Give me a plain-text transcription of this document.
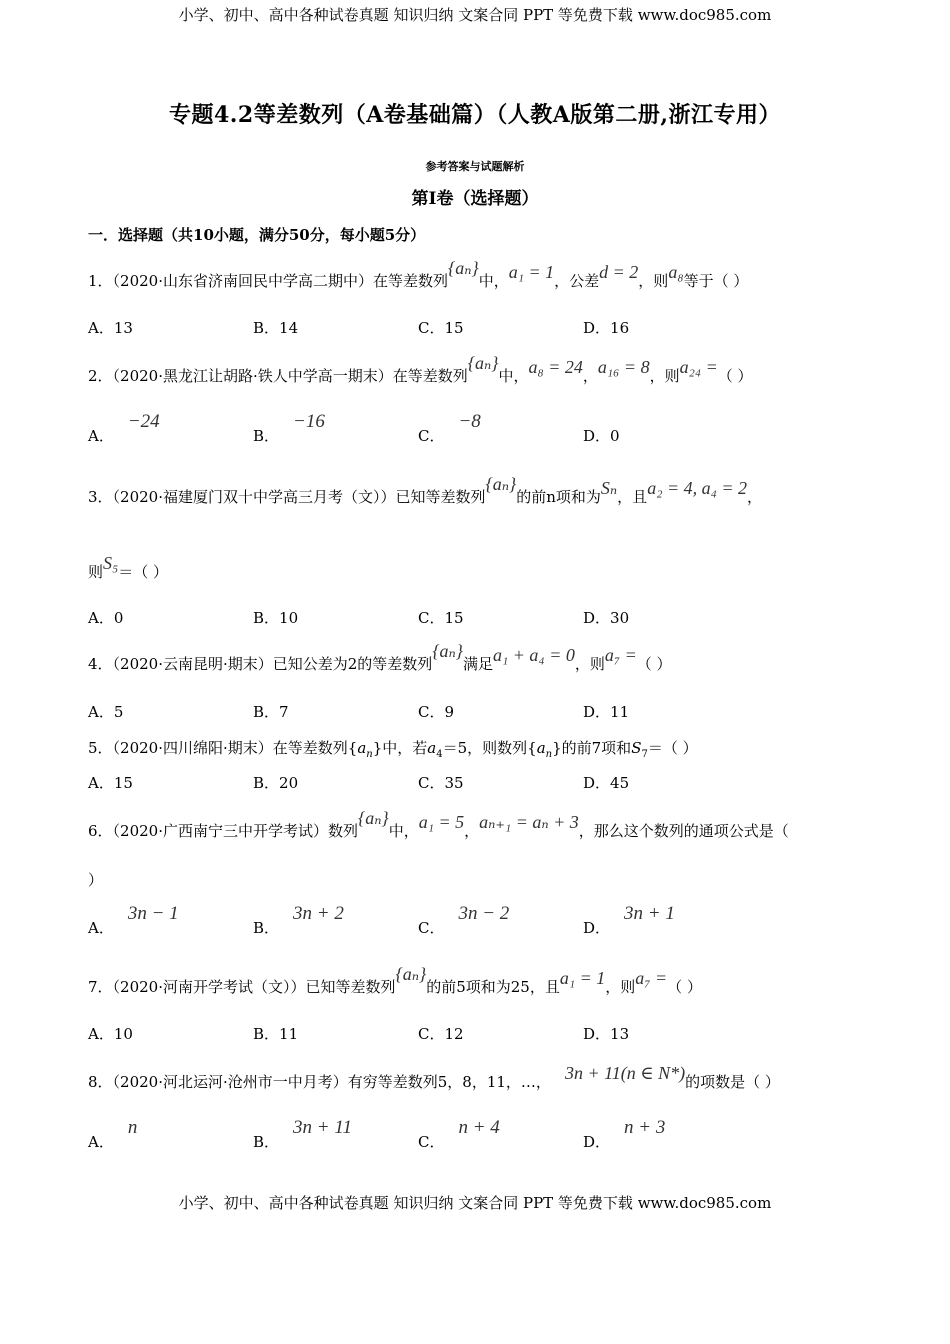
小学、初中、高中各种试卷真题 知识归纳 文案合同 PPT 等免费下载 www.doc985.com
专题4.2等差数列（A卷基础篇）（人教A版第二册,浙江专用）
参考答案与试题解析
第Ⅰ卷（选择题）
一．选择题（共10小题，满分50分，每小题5分）
1．（2020·山东省济南回民中学高二期中）在等差数列{aₙ}中，a₁ = 1，公差d = 2，则a₈等于（ ）
A．13	B．14	C．15	D．16
2．（2020·黑龙江让胡路·铁人中学高一期末）在等差数列{aₙ}中，a₈ = 24，a₁₆ = 8，则a₂₄ =（ ）
A．−24
B．−16
C．−8
D．0
3．（2020·福建厦门双十中学高三月考（文））已知等差数列{aₙ}的前n项和为Sₙ，且a₂ = 4, a₄ = 2，
则S₅＝（ ）
A．0	B．10	C．15	D．30
4．（2020·云南昆明·期末）已知公差为2的等差数列{aₙ}满足a₁ + a₄ = 0，则a₇ =（ ）
A．5	B．7	C．9	D．11
5．（2020·四川绵阳·期末）在等差数列$\{a_n\}$中，若$a_4=5$，则数列$\{a_n\}$的前7项和$S_7=$（ ）
A．15	B．20	C．35	D．45
6．（2020·广西南宁三中开学考试）数列{aₙ}中，a₁ = 5，aₙ₊₁ = aₙ + 3，那么这个数列的通项公式是（
）
A．3n − 1
B．3n + 2
C．3n − 2
D．3n + 1
7．（2020·河南开学考试（文））已知等差数列{aₙ}的前5项和为25，且a₁ = 1，则a₇ =（ ）
A．10	B．11	C．12	D．13
8．（2020·河北运河·沧州市一中月考）有穷等差数列5，8，11，…， 3n + 11(n ∈ N*)的项数是（ ）
A．n
B．3n + 11
C．n + 4
D．n + 3
小学、初中、高中各种试卷真题 知识归纳 文案合同 PPT 等免费下载 www.doc985.com
